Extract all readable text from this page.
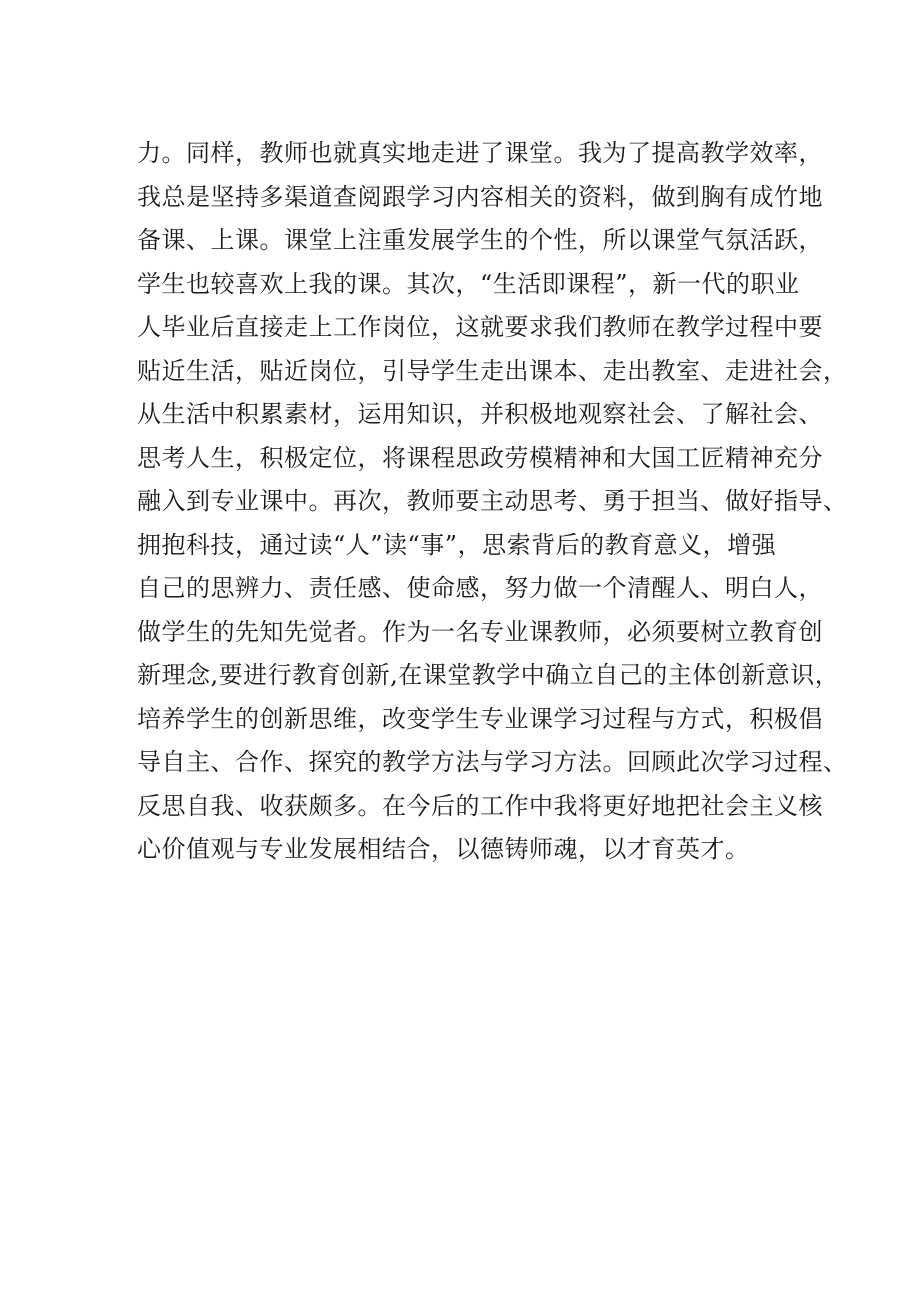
力。同样，教师也就真实地走进了课堂。我为了提高教学效率，
我总是坚持多渠道查阅跟学习内容相关的资料，做到胸有成竹地
备课、上课。课堂上注重发展学生的个性，所以课堂气氛活跃，
学生也较喜欢上我的课。其次，“生活即课程”，新一代的职业
人毕业后直接走上工作岗位，这就要求我们教师在教学过程中要
贴近生活，贴近岗位，引导学生走出课本、走出教室、走进社会，
从生活中积累素材，运用知识，并积极地观察社会、了解社会、
思考人生，积极定位，将课程思政劳模精神和大国工匠精神充分
融入到专业课中。再次，教师要主动思考、勇于担当、做好指导、
拥抱科技，通过读“人”读“事”，思索背后的教育意义，增强
自己的思辨力、责任感、使命感，努力做一个清醒人、明白人，
做学生的先知先觉者。作为一名专业课教师，必须要树立教育创
新理念,要进行教育创新,在课堂教学中确立自己的主体创新意识，
培养学生的创新思维，改变学生专业课学习过程与方式，积极倡
导自主、合作、探究的教学方法与学习方法。回顾此次学习过程、
反思自我、收获颇多。在今后的工作中我将更好地把社会主义核
心价值观与专业发展相结合，以德铸师魂，以才育英才。
